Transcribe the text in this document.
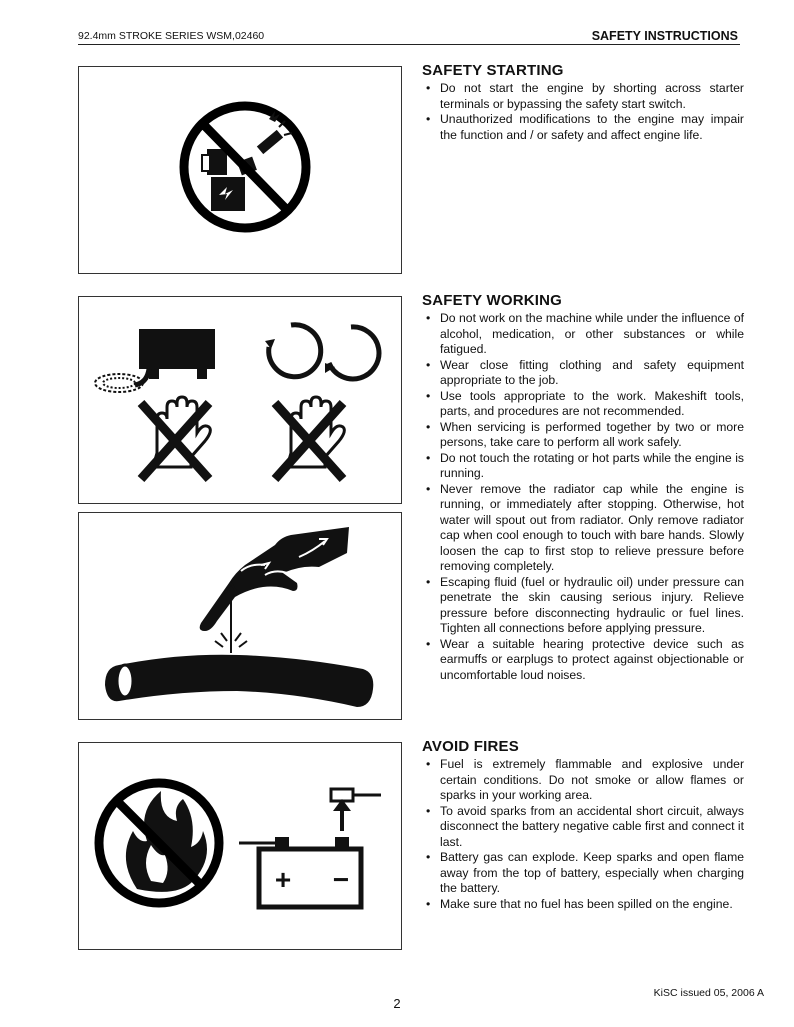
92.4mm STROKE SERIES WSM,02460	SAFETY INSTRUCTIONS
+ −
SAFETY STARTING
• Do not start the engine by shorting across starter terminals or bypassing the safety start switch.
• Unauthorized modifications to the engine may impair the function and / or safety and affect engine life.
SAFETY WORKING
• Do not work on the machine while under the influence of alcohol, medication, or other substances or while fatigued.
• Wear close fitting clothing and safety equipment appropriate to the job.
• Use tools appropriate to the work. Makeshift tools, parts, and procedures are not recommended.
• When servicing is performed together by two or more persons, take care to perform all work safely.
• Do not touch the rotating or hot parts while the engine is running.
• Never remove the radiator cap while the engine is running, or immediately after stopping. Otherwise, hot water will spout out from radiator. Only remove radiator cap when cool enough to touch with bare hands. Slowly loosen the cap to first stop to relieve pressure before removing completely.
• Escaping fluid (fuel or hydraulic oil) under pressure can penetrate the skin causing serious injury. Relieve pressure before disconnecting hydraulic or fuel lines. Tighten all connections before applying pressure.
• Wear a suitable hearing protective device such as earmuffs or earplugs to protect against objectionable or uncomfortable loud noises.
AVOID FIRES
• Fuel is extremely flammable and explosive under certain conditions. Do not smoke or allow flames or sparks in your working area.
• To avoid sparks from an accidental short circuit, always disconnect the battery negative cable first and connect it last.
• Battery gas can explode. Keep sparks and open flame away from the top of battery, especially when charging the battery.
• Make sure that no fuel has been spilled on the engine.
KiSC issued 05, 2006 A
2
